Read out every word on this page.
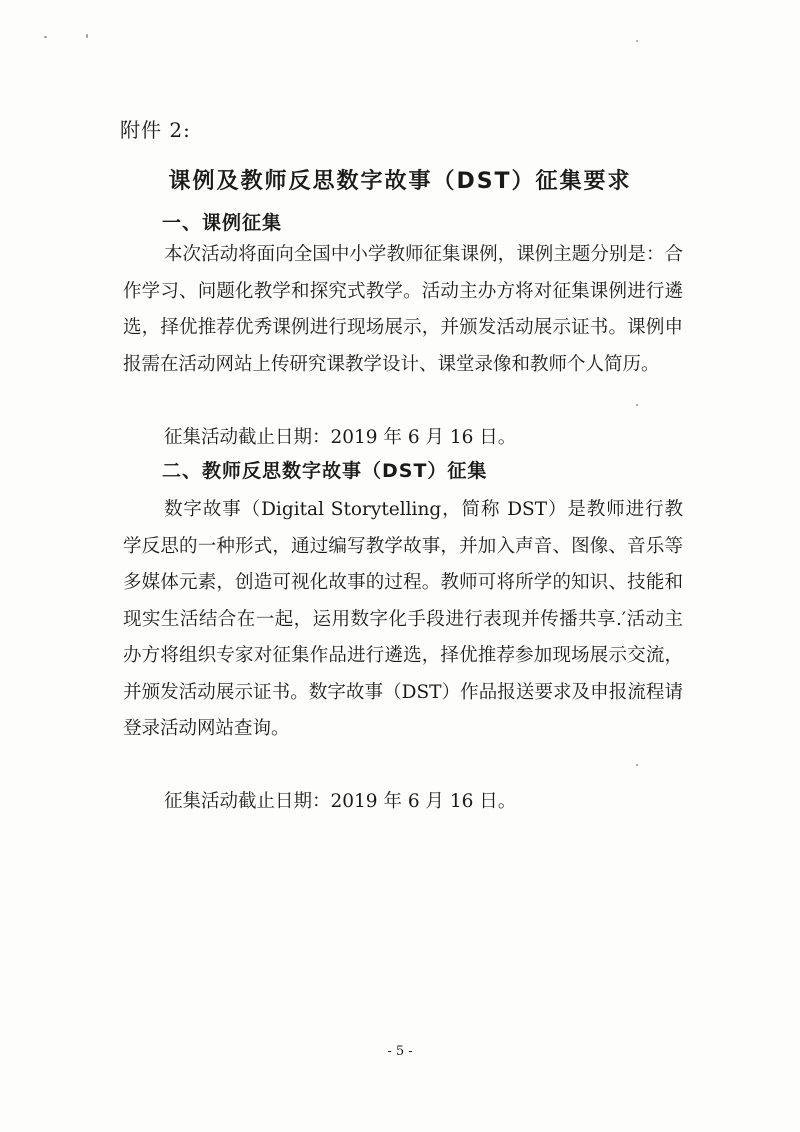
附件 2:
课例及教师反思数字故事（DST）征集要求
一、课例征集
本次活动将面向全国中小学教师征集课例，课例主题分别是：合作学习、问题化教学和探究式教学。活动主办方将对征集课例进行遴选，择优推荐优秀课例进行现场展示，并颁发活动展示证书。课例申报需在活动网站上传研究课教学设计、课堂录像和教师个人简历。
征集活动截止日期：2019 年 6 月 16 日。
二、教师反思数字故事（DST）征集
数字故事（Digital Storytelling，简称 DST）是教师进行教学反思的一种形式，通过编写教学故事，并加入声音、图像、音乐等多媒体元素，创造可视化故事的过程。教师可将所学的知识、技能和现实生活结合在一起，运用数字化手段进行表现并传播共享.′活动主办方将组织专家对征集作品进行遴选，择优推荐参加现场展示交流，并颁发活动展示证书。数字故事（DST）作品报送要求及申报流程请登录活动网站查询。
征集活动截止日期：2019 年 6 月 16 日。
- 5 -
